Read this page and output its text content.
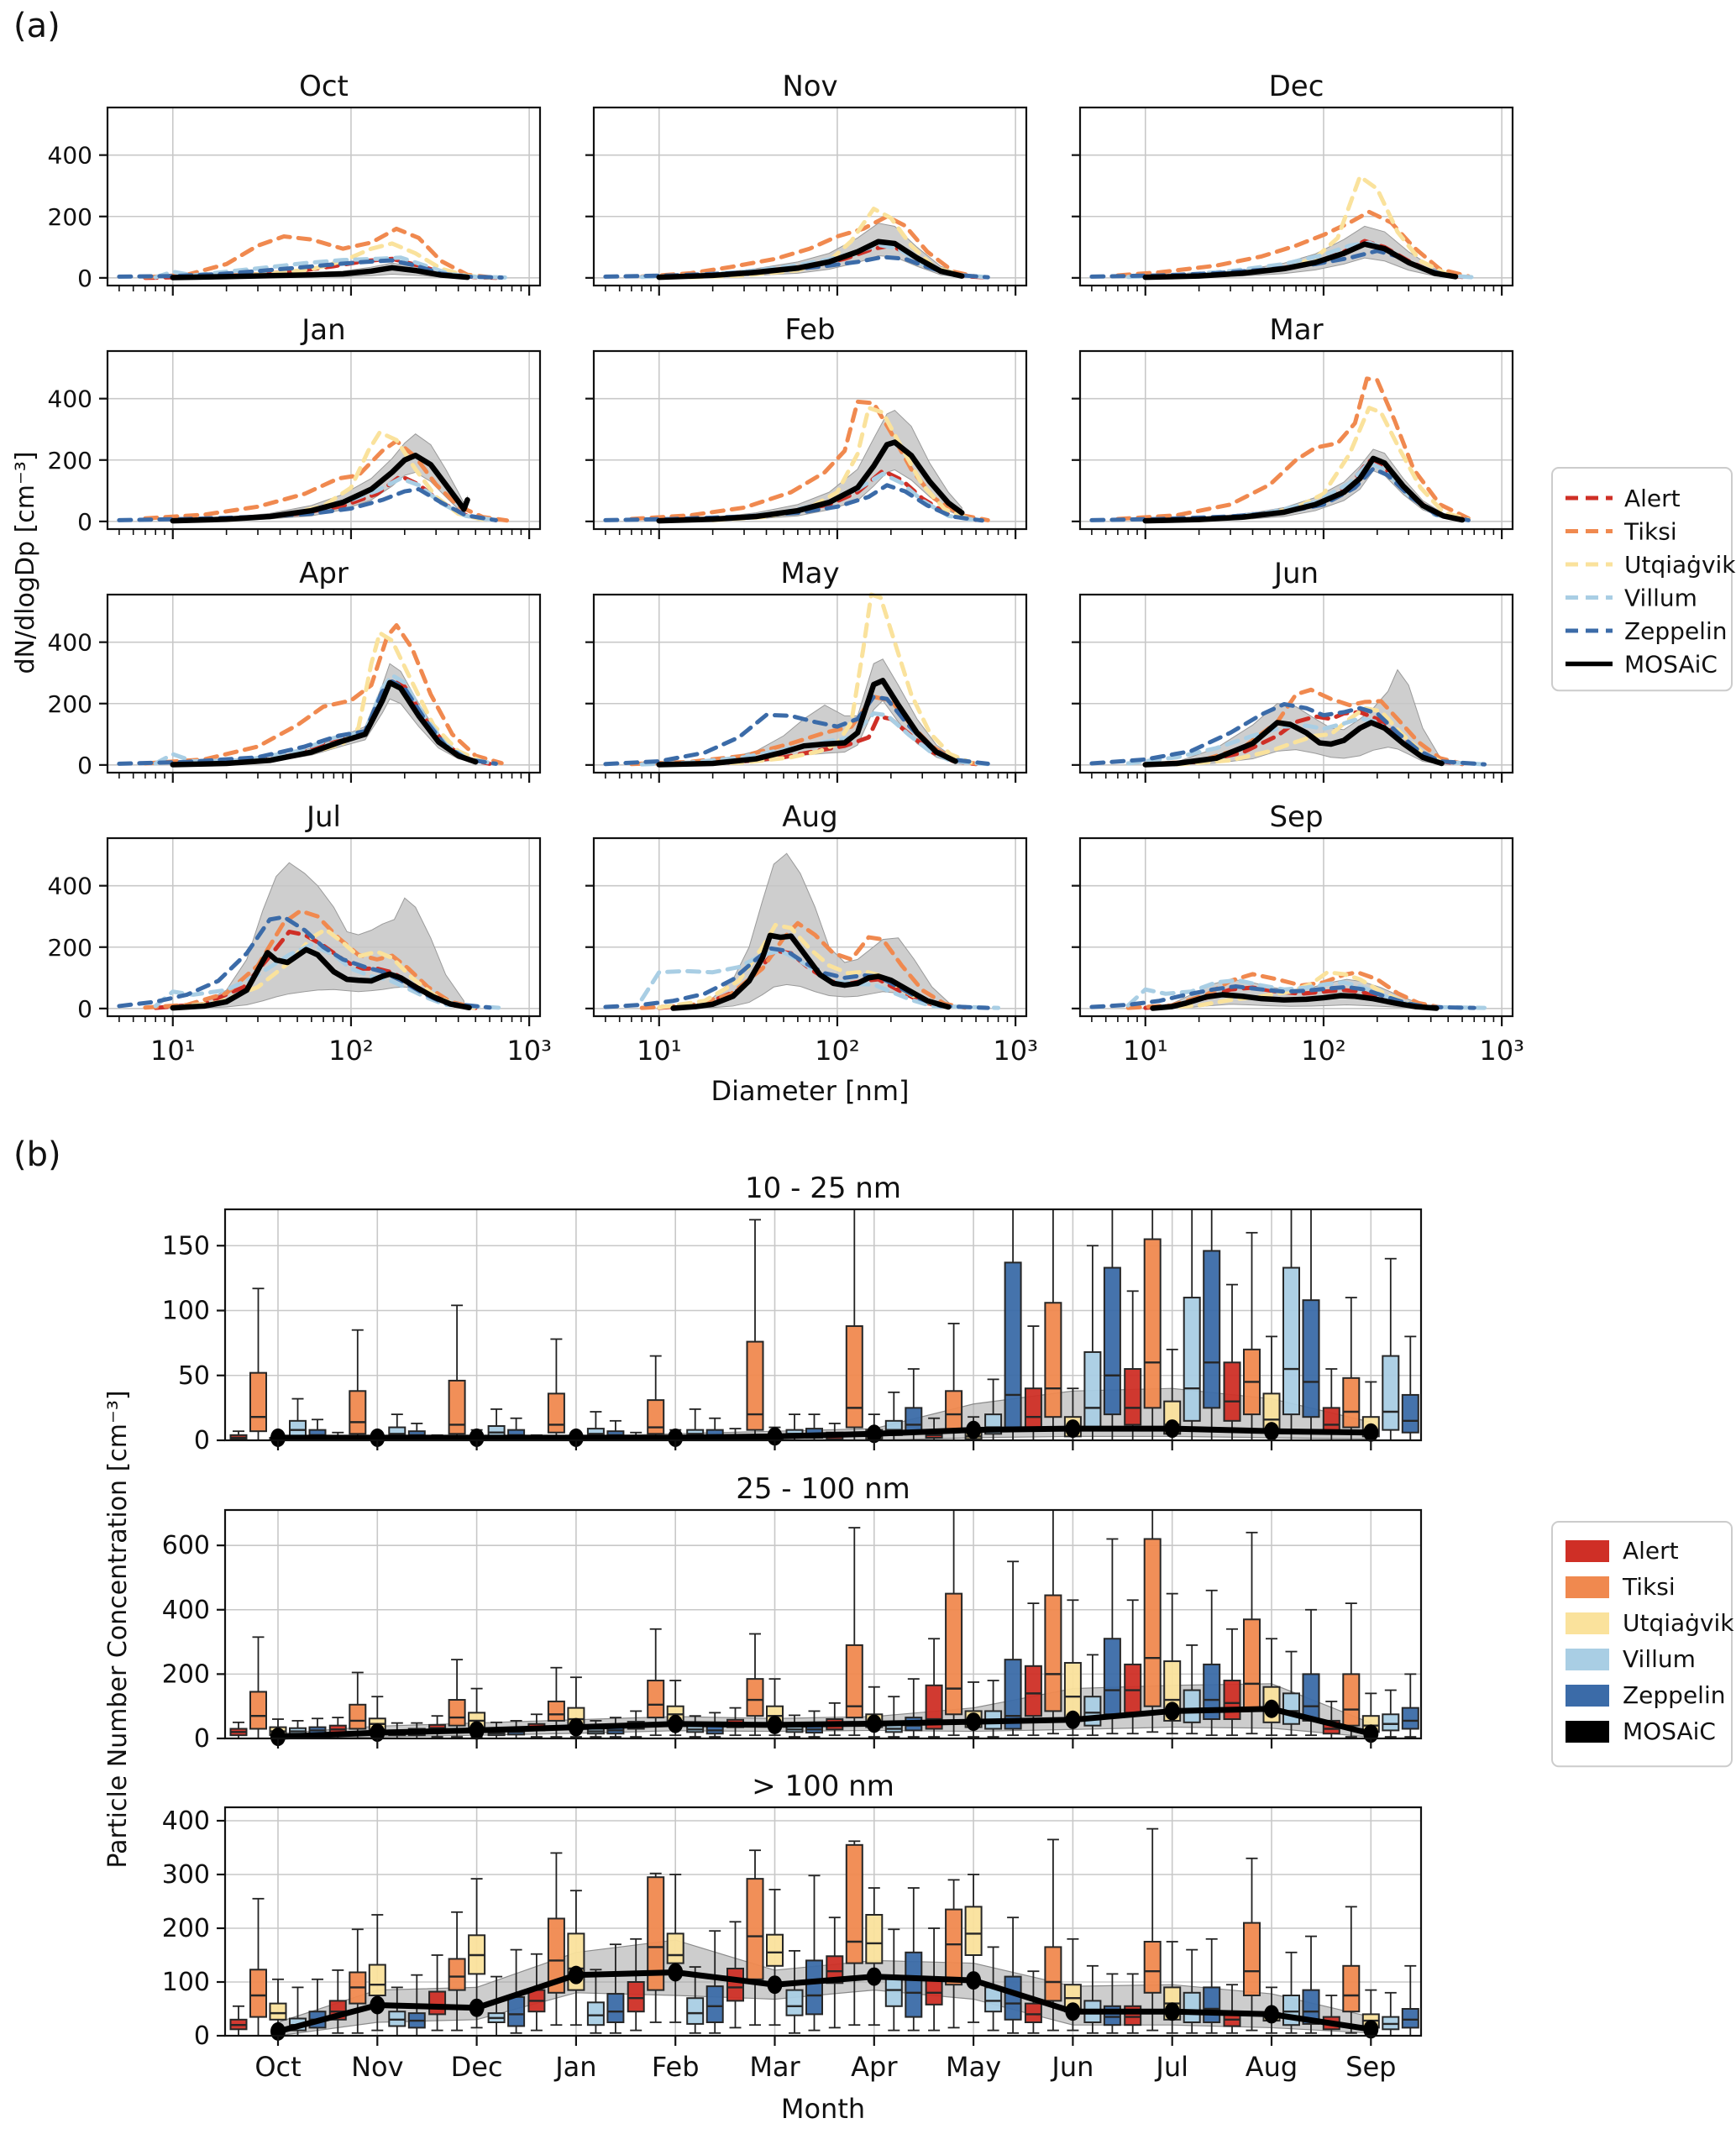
(a)
(b)
Oct
0
200
400
Nov	Dec
Jan
0
200
400
Feb	Mar
Apr
0
200
400
May	Jun
Jul
0
200
400
10¹	10²	10³
Aug
10¹	10²	10³
Sep
10¹	10²	10³
dN/dlogDp [cm⁻³]
Diameter [nm]
Alert
Tiksi
Utqiaġvik
Villum
Zeppelin
MOSAiC
0
50
100
150
10 - 25 nm
0
200
400
600
25 - 100 nm
0
100
200
300
400
Oct Nov Dec Jan Feb Mar Apr May Jun Jul Aug Sep
> 100 nm
Particle Number Concentration [cm⁻³]
Month
Alert
Tiksi
Utqiaġvik
Villum
Zeppelin
MOSAiC
